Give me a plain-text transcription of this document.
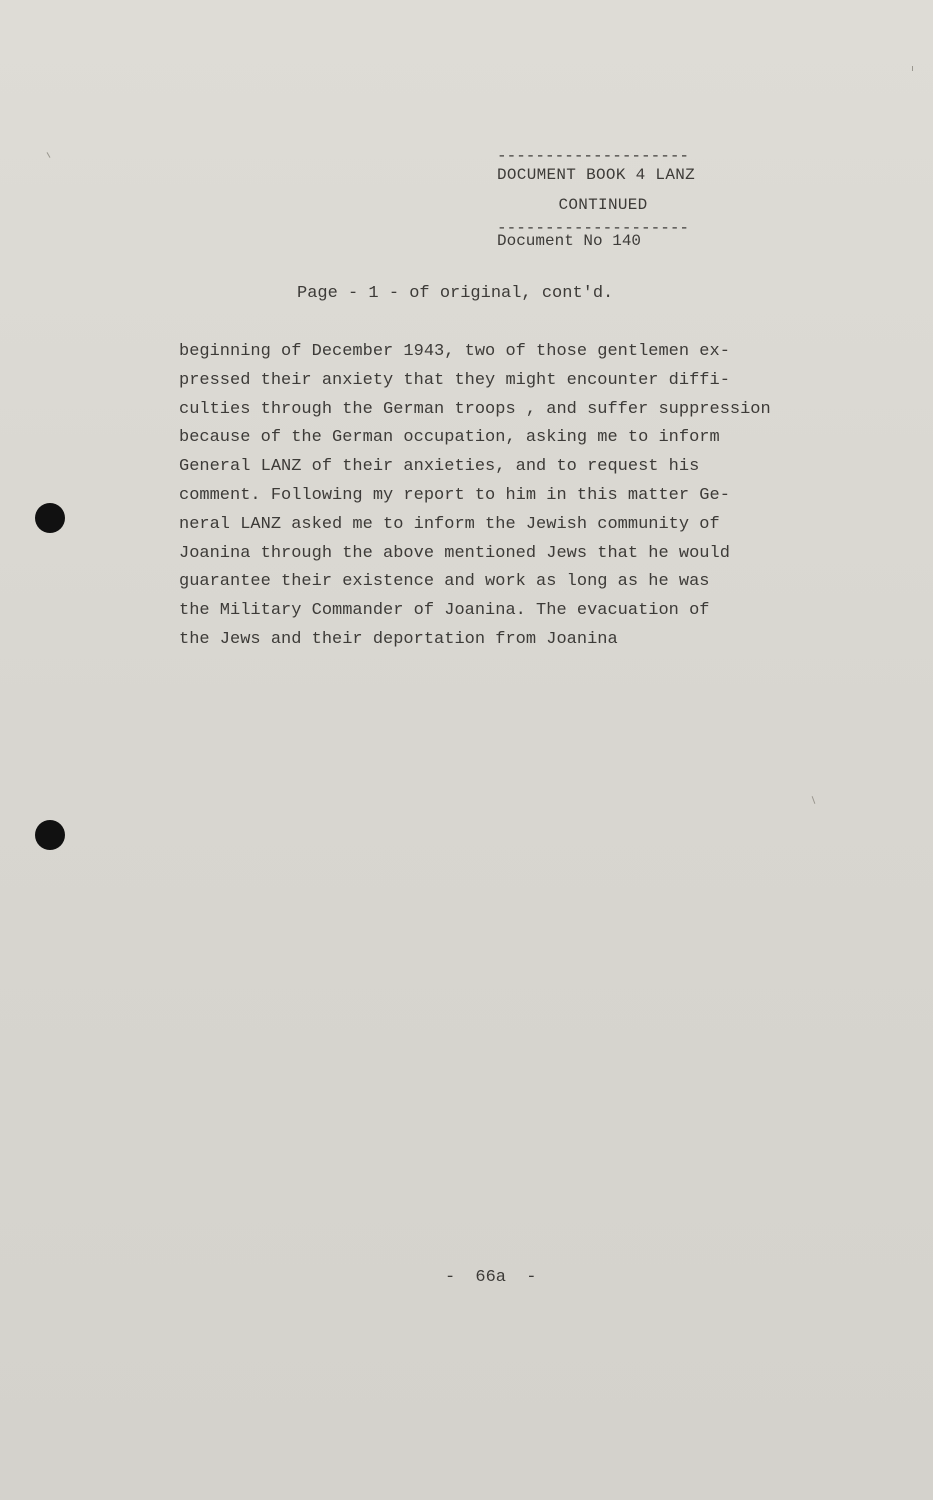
--------------------
DOCUMENT BOOK 4 LANZ
CONTINUED
--------------------
Document No 140
Page - 1 - of original, cont'd.
beginning of December 1943, two of those gentlemen ex-
pressed their anxiety that they might encounter diffi-
culties through the German troops , and suffer suppression
because of the German occupation, asking me to inform
General LANZ of their anxieties, and to request his
comment. Following my report to him in this matter Ge-
neral LANZ asked me to inform the Jewish community of
Joanina through the above mentioned Jews that he would
guarantee their existence and work as long as he was
the Military Commander of Joanina. The evacuation of
the Jews and their deportation from Joanina
- 66a -
